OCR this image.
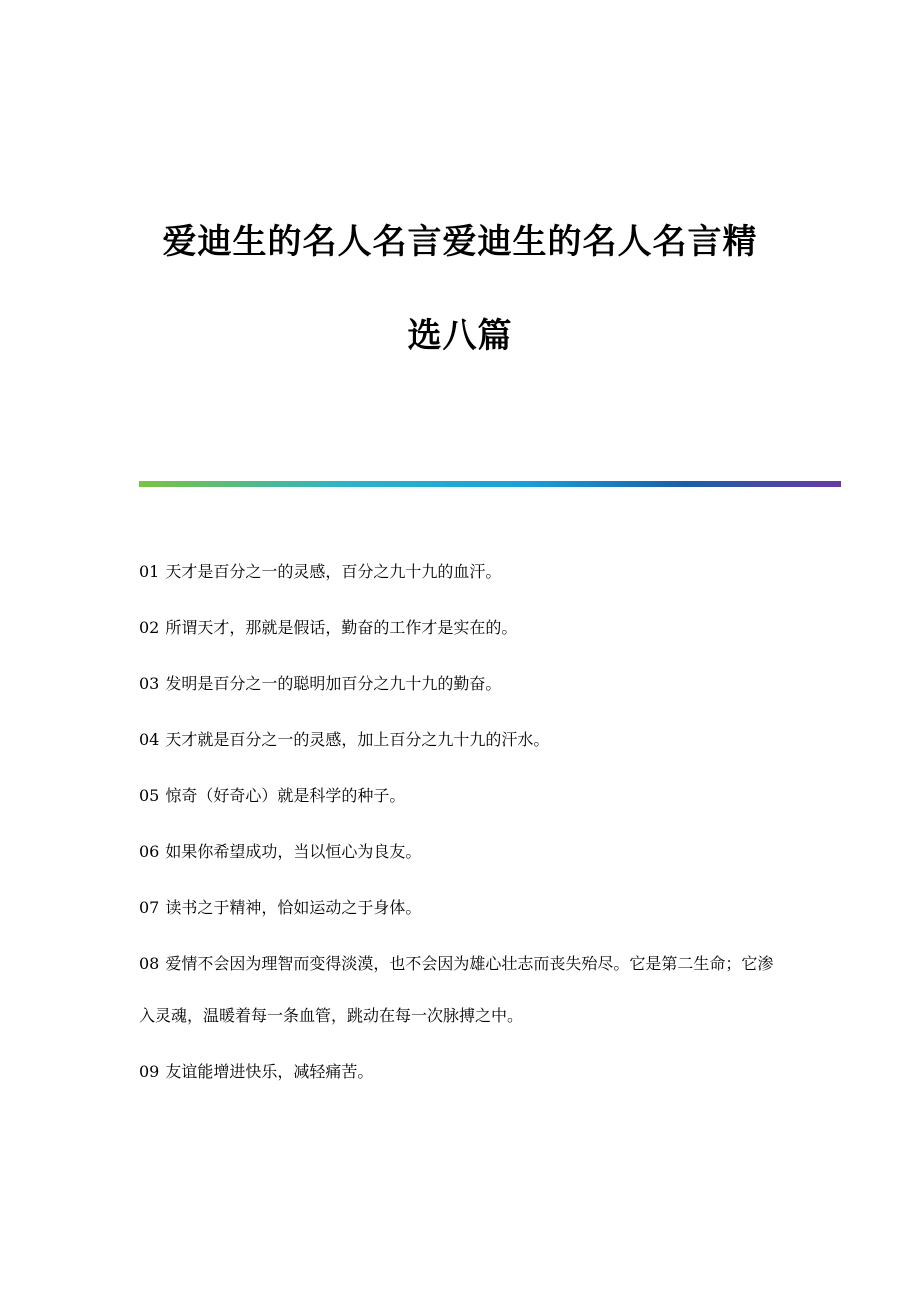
爱迪生的名人名言爱迪生的名人名言精
选八篇
01 天才是百分之一的灵感，百分之九十九的血汗。
02 所谓天才，那就是假话，勤奋的工作才是实在的。
03 发明是百分之一的聪明加百分之九十九的勤奋。
04 天才就是百分之一的灵感，加上百分之九十九的汗水。
05 惊奇（好奇心）就是科学的种子。
06 如果你希望成功，当以恒心为良友。
07 读书之于精神，恰如运动之于身体。
08 爱情不会因为理智而变得淡漠，也不会因为雄心壮志而丧失殆尽。它是第二生命；它渗入灵魂，温暖着每一条血管，跳动在每一次脉搏之中。
09 友谊能增进快乐，减轻痛苦。
